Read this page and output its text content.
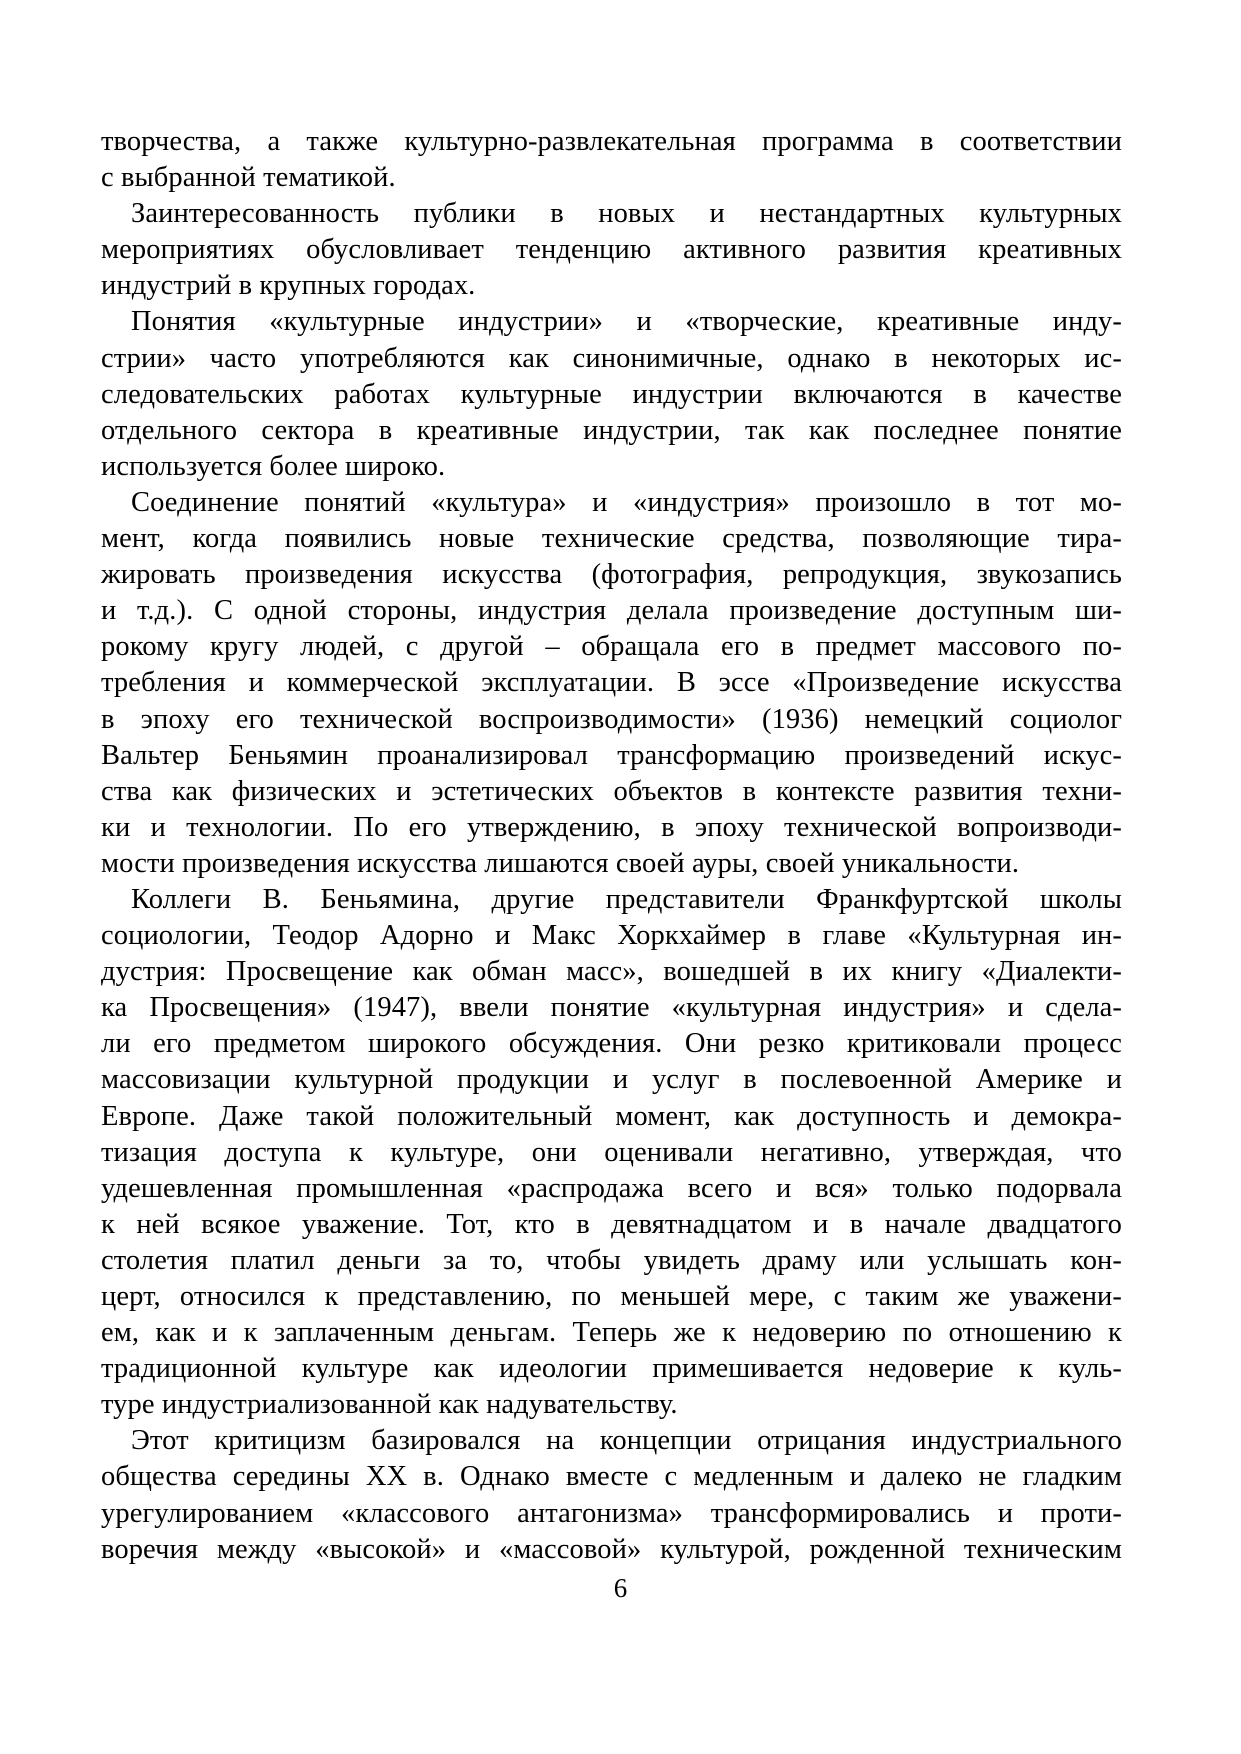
творчества, а также культурно-развлекательная программа в соответствии
с выбранной тематикой.

Заинтересованность публики в новых и нестандартных культурных
мероприятиях обусловливает тенденцию активного развития креативных
индустрий в крупных городах.

Понятия «культурные индустрии» и «творческие, креативные инду-
стрии» часто употребляются как синонимичные, однако в некоторых ис-
следовательских работах культурные индустрии включаются в качестве
отдельного сектора в креативные индустрии, так как последнее понятие
используется более широко.

Соединение понятий «культура» и «индустрия» произошло в тот мо-
мент, когда появились новые технические средства, позволяющие тира-
жировать произведения искусства (фотография, репродукция, звукозапись
и т.д.). С одной стороны, индустрия делала произведение доступным ши-
рокому кругу людей, с другой – обращала его в предмет массового по-
требления и коммерческой эксплуатации. В эссе «Произведение искусства
в эпоху его технической воспроизводимости» (1936) немецкий социолог
Вальтер Беньямин проанализировал трансформацию произведений искус-
ства как физических и эстетических объектов в контексте развития техни-
ки и технологии. По его утверждению, в эпоху технической вопроизводи-
мости произведения искусства лишаются своей ауры, своей уникальности.

Коллеги В. Беньямина, другие представители Франкфуртской школы
социологии, Теодор Адорно и Макс Хоркхаймер в главе «Культурная ин-
дустрия: Просвещение как обман масс», вошедшей в их книгу «Диалекти-
ка Просвещения» (1947), ввели понятие «культурная индустрия» и сдела-
ли его предметом широкого обсуждения. Они резко критиковали процесс
массовизации культурной продукции и услуг в послевоенной Америке и
Европе. Даже такой положительный момент, как доступность и демокра-
тизация доступа к культуре, они оценивали негативно, утверждая, что
удешевленная промышленная «распродажа всего и вся» только подорвала
к ней всякое уважение. Тот, кто в девятнадцатом и в начале двадцатого
столетия платил деньги за то, чтобы увидеть драму или услышать кон-
церт, относился к представлению, по меньшей мере, с таким же уважени-
ем, как и к заплаченным деньгам. Теперь же к недоверию по отношению к
традиционной культуре как идеологии примешивается недоверие к куль-
туре индустриализованной как надувательству.

Этот критицизм базировался на концепции отрицания индустриального
общества середины ХХ в. Однако вместе с медленным и далеко не гладким
урегулированием «классового антагонизма» трансформировались и проти-
воречия между «высокой» и «массовой» культурой, рожденной техническим

6
